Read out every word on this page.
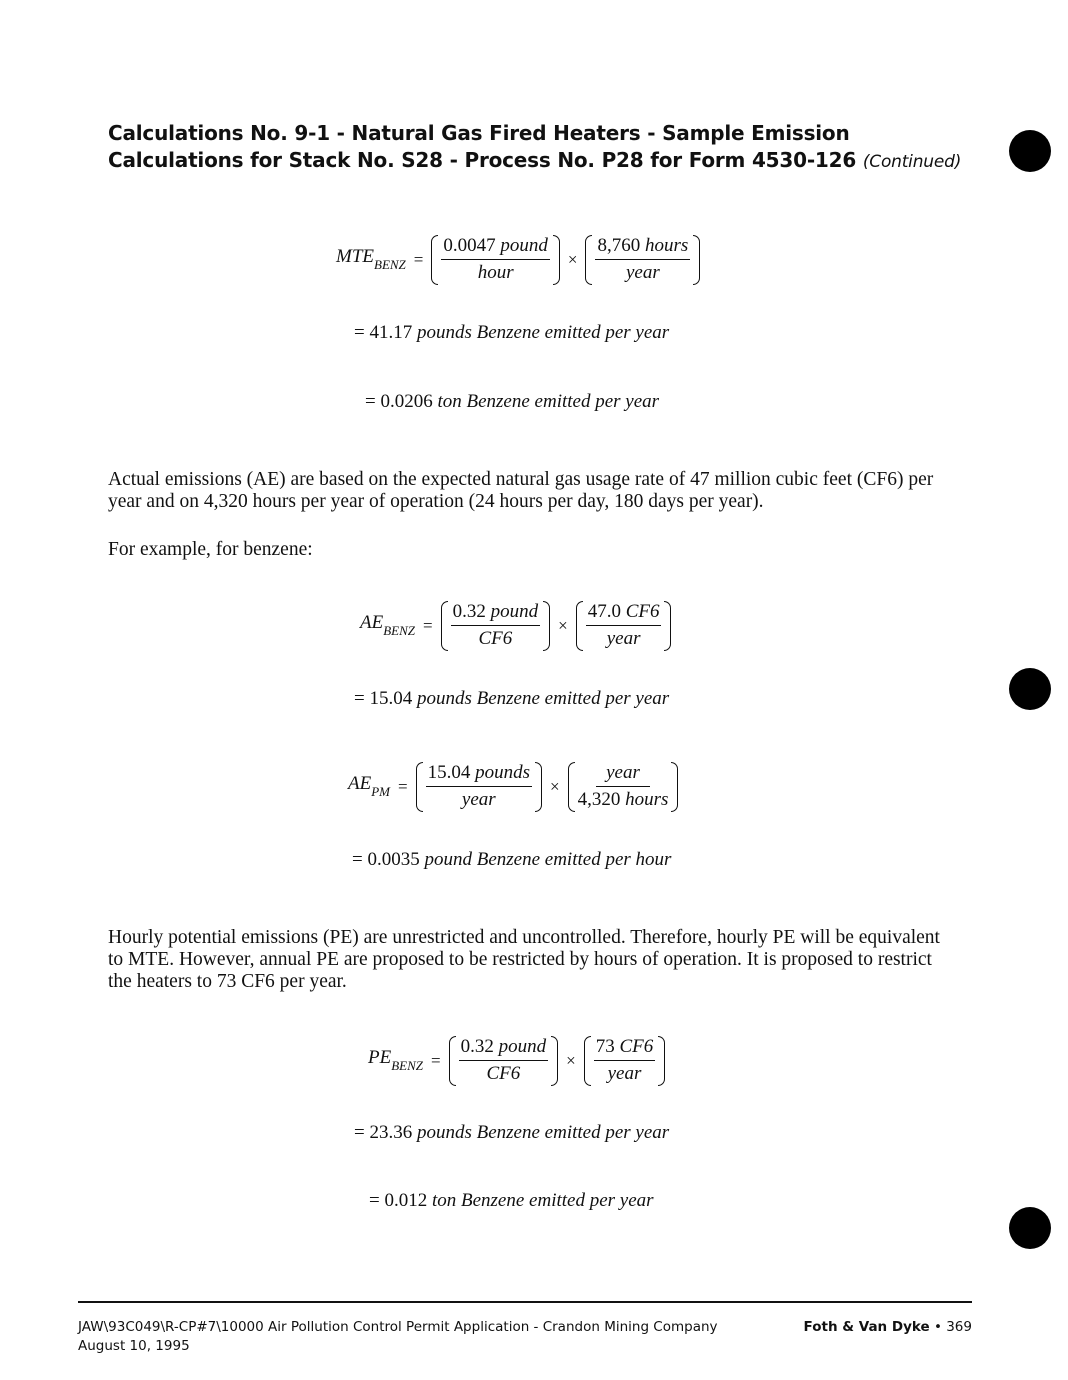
Calculations No. 9-1 - Natural Gas Fired Heaters - Sample Emission Calculations for Stack No. S28 - Process No. P28 for Form 4530-126 (Continued)
$MTE_{BENZ} = \frac{\text{0.0047 pound}}{\text{hour}} \times \frac{\text{8,760 hours}}{\text{year}}$
= 41.17 pounds Benzene emitted per year
= 0.0206 ton Benzene emitted per year

Actual emissions (AE) are based on the expected natural gas usage rate of 47 million cubic feet (CF6) per year and on 4,320 hours per year of operation (24 hours per day, 180 days per year).

For example, for benzene:

$AE_{BENZ} = \frac{\text{0.32 pound}}{CF6} \times \frac{47.0 CF6}{\text{year}}$
= 15.04 pounds Benzene emitted per year
$AE_{PM} = \frac{\text{15.04 pounds}}{\text{year}} \times \frac{\text{year}}{\text{4,320 hours}}$
= 0.0035 pound Benzene emitted per hour

Hourly potential emissions (PE) are unrestricted and uncontrolled. Therefore, hourly PE will be equivalent to MTE. However, annual PE are proposed to be restricted by hours of operation. It is proposed to restrict the heaters to 73 CF6 per year.

$PE_{BENZ} = \frac{\text{0.32 pound}}{CF6} \times \frac{73 CF6}{\text{year}}$
= 23.36 pounds Benzene emitted per year
= 0.012 ton Benzene emitted per year
JAW\93C049\R-CP#7\10000 Air Pollution Control Permit Application - Crandon Mining Company
August 10, 1995
Foth & Van Dyke • 369
